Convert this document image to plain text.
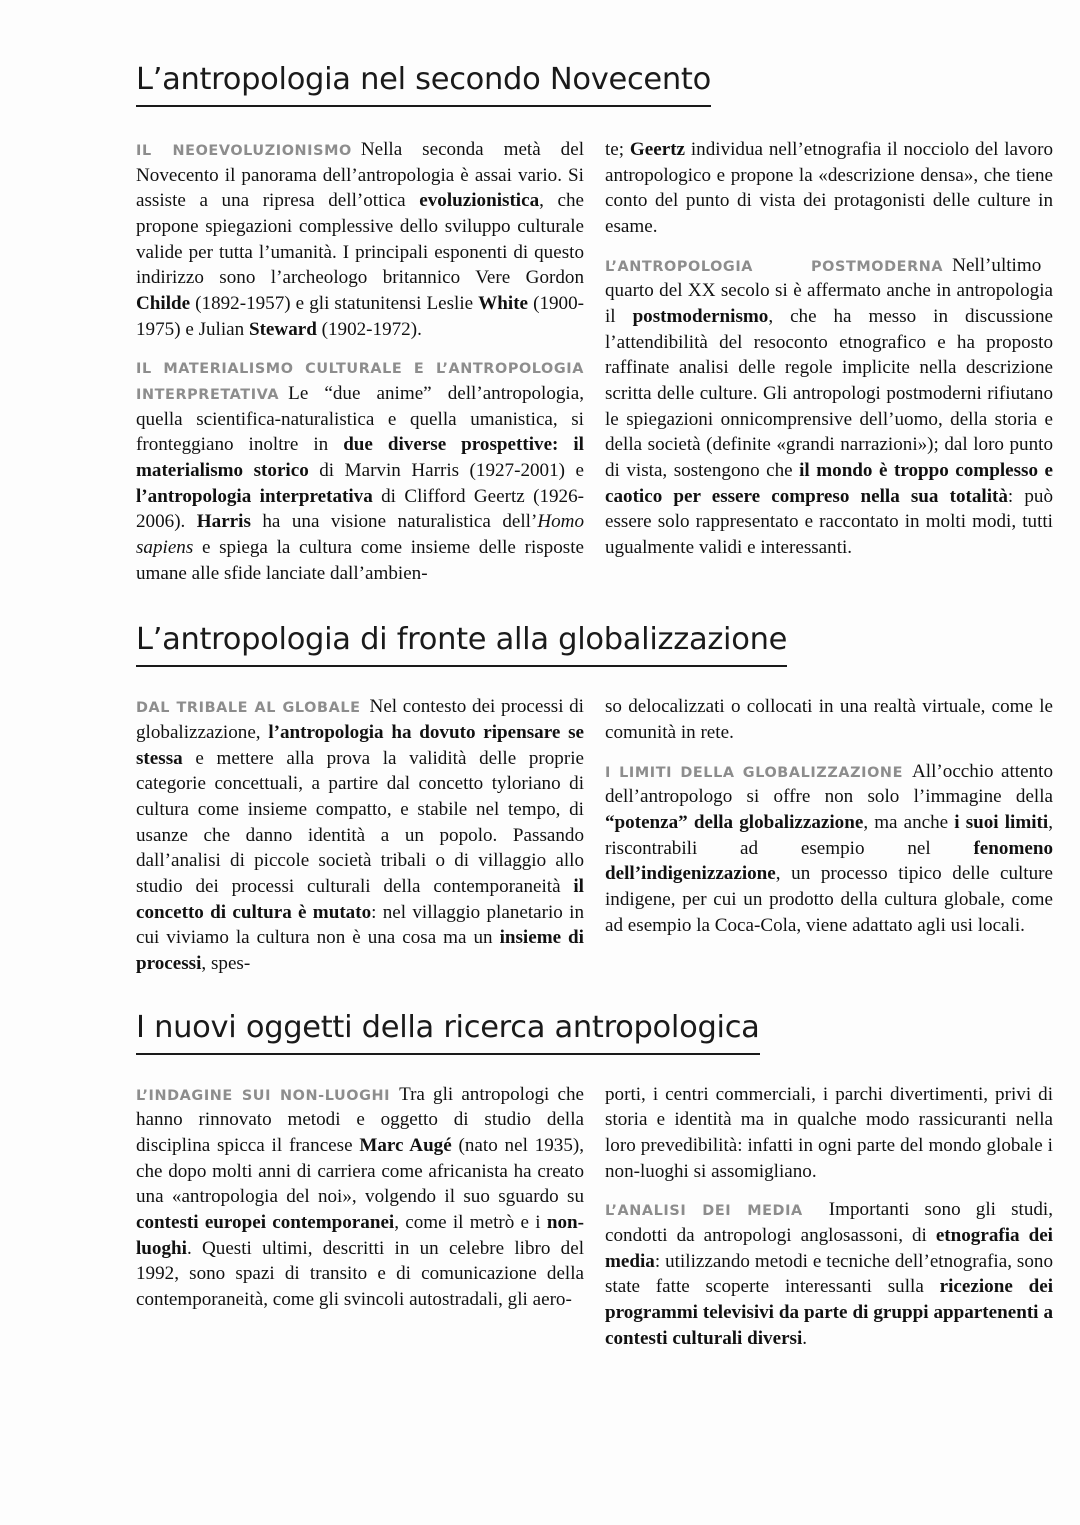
L’antropologia nel secondo Novecento

IL NEOEVOLUZIONISMO Nella seconda metà del Novecento il panorama dell’antropologia è assai vario. Si assiste a una ripresa dell’ottica evoluzionistica, che propone spiegazioni complessive dello sviluppo culturale valide per tutta l’umanità. I principali esponenti di questo indirizzo sono l’archeologo britannico Vere Gordon Childe (1892-1957) e gli statunitensi Leslie White (1900-1975) e Julian Steward (1902-1972).

IL MATERIALISMO CULTURALE E L’ANTROPOLOGIA INTERPRETATIVA Le “due anime” dell’antropologia, quella scientifica-naturalistica e quella umanistica, si fronteggiano inoltre in due diverse prospettive: il materialismo storico di Marvin Harris (1927-2001) e l’antropologia interpretativa di Clifford Geertz (1926-2006). Harris ha una visione naturalistica dell’Homo sapiens e spiega la cultura come insieme delle risposte umane alle sfide lanciate dall’ambien-

te; Geertz individua nell’etnografia il nocciolo del lavoro antropologico e propone la «descrizione densa», che tiene conto del punto di vista dei protagonisti delle culture in esame.

L’ANTROPOLOGIA	POSTMODERNA Nell’ultimo quarto del XX secolo si è affermato anche in antropologia il postmodernismo, che ha messo in discussione l’attendibilità del resoconto etnografico e ha proposto raffinate analisi delle regole implicite nella descrizione scritta delle culture. Gli antropologi postmoderni rifiutano le spiegazioni onnicomprensive dell’uomo, della storia e della società (definite «grandi narrazioni»); dal loro punto di vista, sostengono che il mondo è troppo complesso e caotico per essere compreso nella sua totalità: può essere solo rappresentato e raccontato in molti modi, tutti ugualmente validi e interessanti.

L’antropologia di fronte alla globalizzazione

DAL TRIBALE AL GLOBALE Nel contesto dei processi di globalizzazione, l’antropologia ha dovuto ripensare se stessa e mettere alla prova la validità delle proprie categorie concettuali, a partire dal concetto tyloriano di cultura come insieme compatto, e stabile nel tempo, di usanze che danno identità a un popolo. Passando dall’analisi di piccole società tribali o di villaggio allo studio dei processi culturali della contemporaneità il concetto di cultura è mutato: nel villaggio planetario in cui viviamo la cultura non è una cosa ma un insieme di processi, spes-

so delocalizzati o collocati in una realtà virtuale, come le comunità in rete.

I LIMITI DELLA GLOBALIZZAZIONE All’occhio attento dell’antropologo si offre non solo l’immagine della “potenza” della globalizzazione, ma anche i suoi limiti, riscontrabili ad esempio nel fenomeno dell’indigenizzazione, un processo tipico delle culture indigene, per cui un prodotto della cultura globale, come ad esempio la Coca-Cola, viene adattato agli usi locali.

I nuovi oggetti della ricerca antropologica

L’INDAGINE SUI NON-LUOGHI Tra gli antropologi che hanno rinnovato metodi e oggetto di studio della disciplina spicca il francese Marc Augé (nato nel 1935), che dopo molti anni di carriera come africanista ha creato una «antropologia del noi», volgendo il suo sguardo su contesti europei contemporanei, come il metrò e i non-luoghi. Questi ultimi, descritti in un celebre libro del 1992, sono spazi di transito e di comunicazione della contemporaneità, come gli svincoli autostradali, gli aero-

porti, i centri commerciali, i parchi divertimenti, privi di storia e identità ma in qualche modo rassicuranti nella loro prevedibilità: infatti in ogni parte del mondo globale i non-luoghi si assomigliano.

L’ANALISI DEI MEDIA Importanti sono gli studi, condotti da antropologi anglosassoni, di etnografia dei media: utilizzando metodi e tecniche dell’etnografia, sono state fatte scoperte interessanti sulla ricezione dei programmi televisivi da parte di gruppi appartenenti a contesti culturali diversi.
